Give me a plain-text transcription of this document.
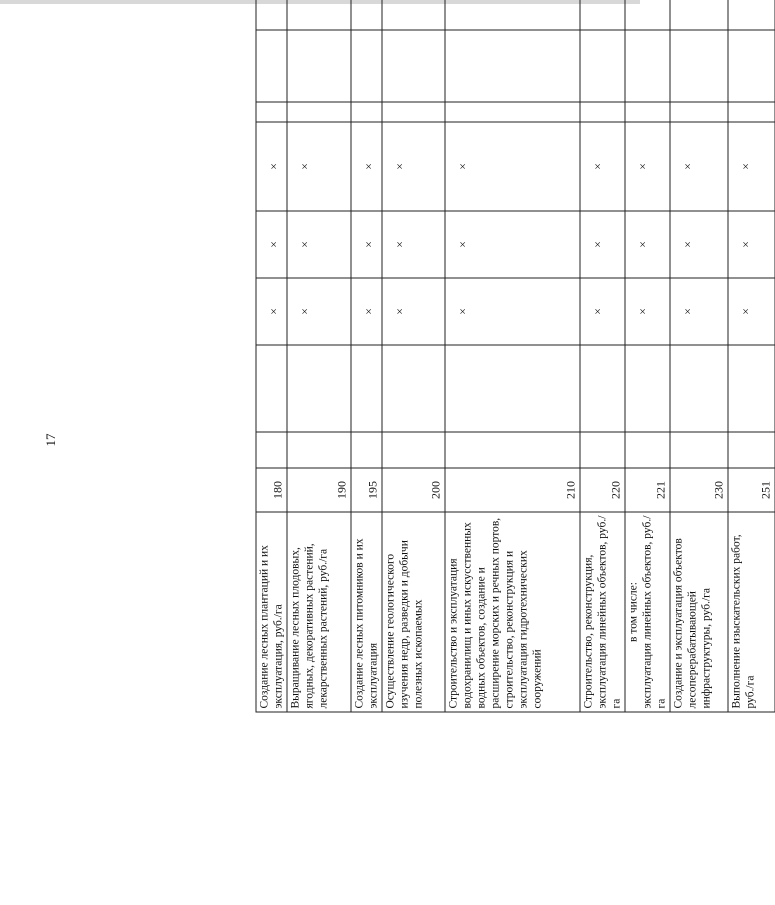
17
Создание лесных плантаций и их эксплуатация, руб./га	180			×	×	×				
Выращивание лесных плодовых, ягодных, декоративных растений, лекарственных растений, руб./га	190			×	×	×				
Создание лесных питомников и их эксплуатация	195			×	×	×				
Осуществление геологического изучения недр, разведки и добычи полезных ископаемых	200			×	×	×				
Строительство и эксплуатация водохранилищ и иных искусственных водных объектов, создание и расширение морских и речных портов, строительство, реконструкция и эксплуатация гидротехнических сооружений	210			×	×	×				
Строительство, реконструкция, эксплуатация линейных объектов, руб./га	220			×	×	×				

в том числе: эксплуатация линейных объектов, руб./га	221			×	×	×				
Создание и эксплуатация объектов лесоперерабатывающей инфраструктуры, руб./га	230			×	×	×				
Выполнение изыскательских работ, руб./га	251			×	×	×				
